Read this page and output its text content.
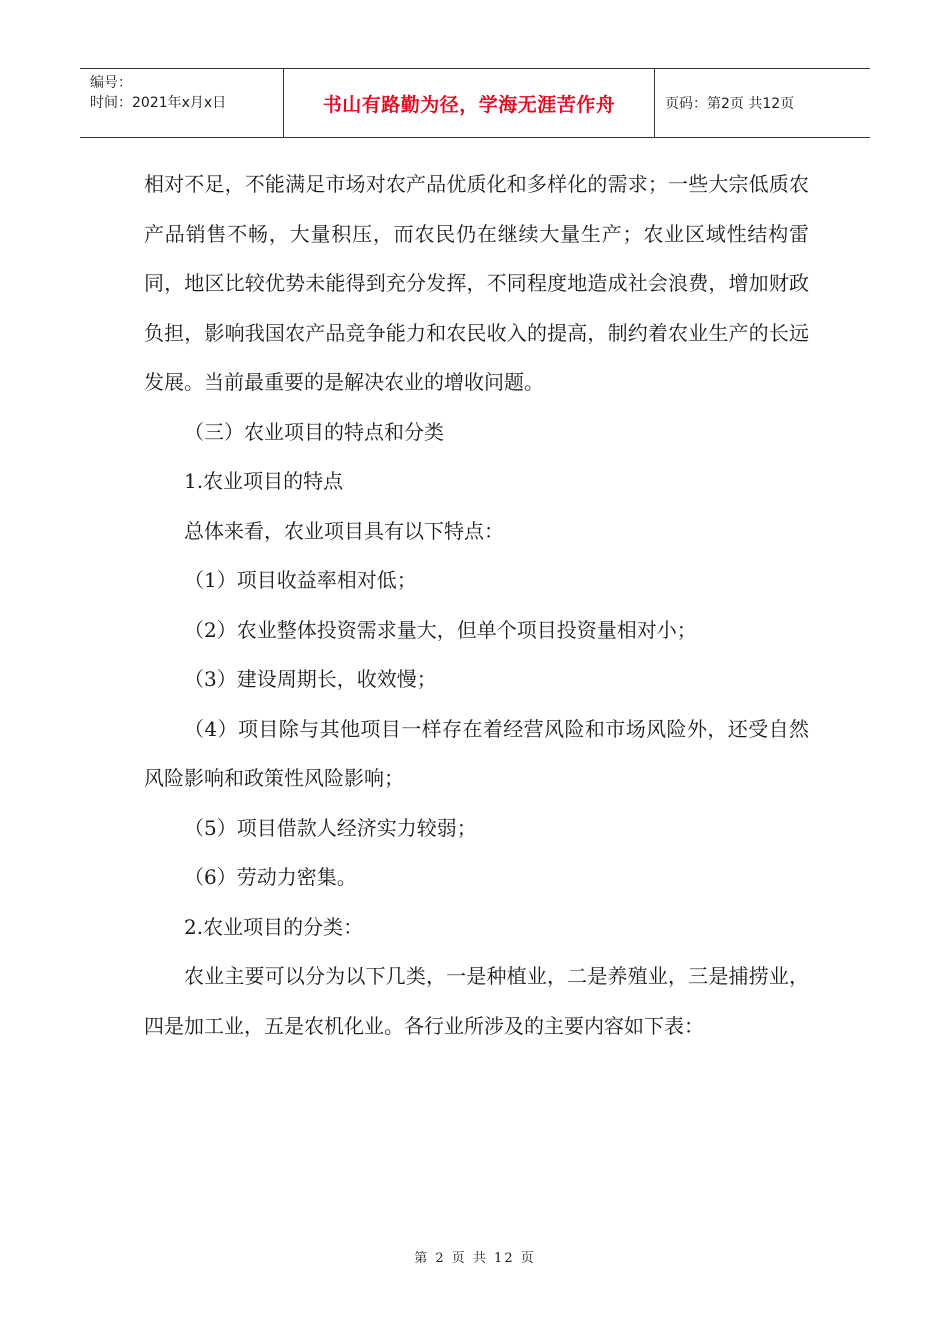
编号：
时间：2021年x月x日	书山有路勤为径，学海无涯苦作舟	页码：第2页 共12页

相对不足，不能满足市场对农产品优质化和多样化的需求；一些大宗低质农产品销售不畅，大量积压，而农民仍在继续大量生产；农业区域性结构雷同，地区比较优势未能得到充分发挥，不同程度地造成社会浪费，增加财政负担，影响我国农产品竞争能力和农民收入的提高，制约着农业生产的长远发展。当前最重要的是解决农业的增收问题。

（三）农业项目的特点和分类

1.农业项目的特点

总体来看，农业项目具有以下特点：

（1）项目收益率相对低；

（2）农业整体投资需求量大，但单个项目投资量相对小；

（3）建设周期长，收效慢；

（4）项目除与其他项目一样存在着经营风险和市场风险外，还受自然风险影响和政策性风险影响；

（5）项目借款人经济实力较弱；

（6）劳动力密集。

2.农业项目的分类：

农业主要可以分为以下几类，一是种植业，二是养殖业，三是捕捞业，四是加工业，五是农机化业。各行业所涉及的主要内容如下表：

第 2 页 共 12 页
